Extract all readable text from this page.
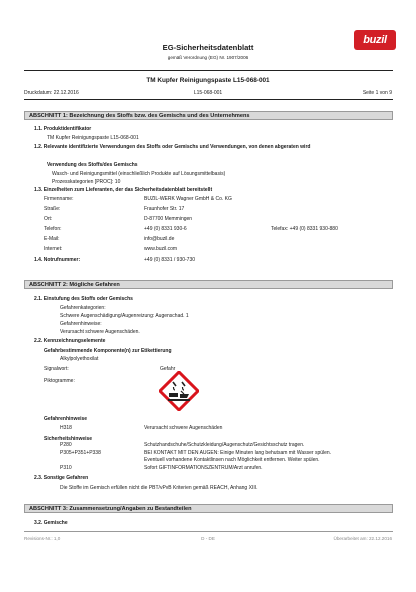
EG-Sicherheitsdatenblatt
gemäß Verordnung (EG) Nr. 1907/2006
buzil
TM Kupfer Reinigungspaste L15-068-001
Druckdatum: 22.12.2016	L15-068-001	Seite 1 von 9
ABSCHNITT 1: Bezeichnung des Stoffs bzw. des Gemischs und des Unternehmens
1.1. Produktidentifikator
TM Kupfer Reinigungspaste L15-068-001
1.2. Relevante identifizierte Verwendungen des Stoffs oder Gemischs und Verwendungen, von denen abgeraten wird
Verwendung des Stoffs/des Gemischs
Wasch- und Reinigungsmittel (einschließlich Produkte auf Lösungsmittelbasis)
Prozesskategorien [PROC]: 10
1.3. Einzelheiten zum Lieferanten, der das Sicherheitsdatenblatt bereitstellt
Firmenname:	BUZIL-WERK Wagner GmbH & Co. KG
Straße:	Fraunhofer Str. 17
Ort:	D-87700 Memmingen
Telefon:	+49 (0) 8331 930-6	Telefax: +49 (0) 8331 930-880
E-Mail:	info@buzil.de
Internet:	www.buzil.com
1.4. Notrufnummer:	+49 (0) 8331 / 930-730
ABSCHNITT 2: Mögliche Gefahren
2.1. Einstufung des Stoffs oder Gemischs
Gefahrenkategorien:
Schwere Augenschädigung/Augenreizung: Augenschad. 1
Gefahrenhinweise:
Verursacht schwere Augenschäden.
2.2. Kennzeichnungselemente
Gefahrbestimmende Komponente(n) zur Etikettierung
Alkylpolyethoxilat
Signalwort:	Gefahr
Piktogramme:
Gefahrenhinweise
H318	Verursacht schwere Augenschäden
Sicherheitshinweise
P280	Schutzhandschuhe/Schutzkleidung/Augenschutz/Gesichtsschutz tragen.
P305+P351+P338	BEI KONTAKT MIT DEN AUGEN: Einige Minuten lang behutsam mit Wasser spülen.
Eventuell vorhandene Kontaktlinsen nach Möglichkeit entfernen. Weiter spülen.
P310	Sofort GIFTINFORMATIONSZENTRUM/Arzt anrufen.
2.3. Sonstige Gefahren
Die Stoffe im Gemisch erfüllen nicht die PBT/vPvB Kriterien gemäß REACH, Anhang XIII.
ABSCHNITT 3: Zusammensetzung/Angaben zu Bestandteilen
3.2. Gemische
Revisions-Nr.: 1,0	D - DE	Überarbeitet am: 22.12.2016
